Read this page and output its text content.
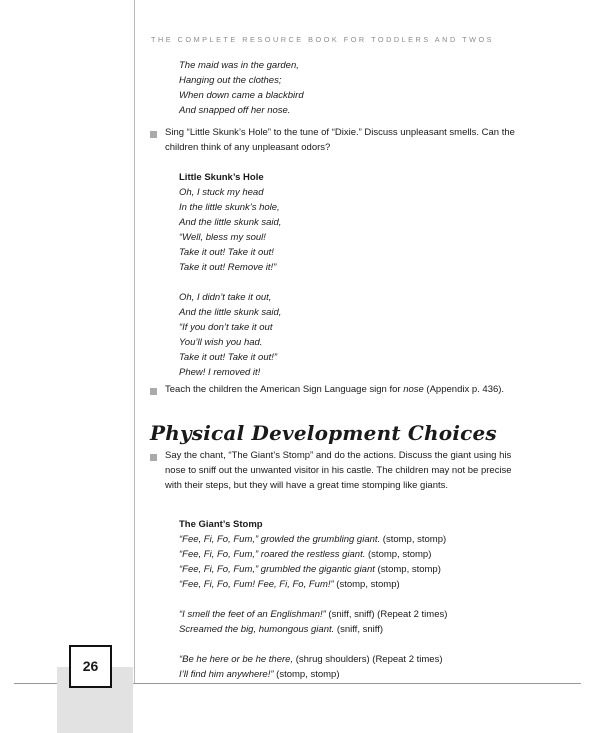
26
THE COMPLETE RESOURCE BOOK FOR TODDLERS AND TWOS
The maid was in the garden,
Hanging out the clothes;
When down came a blackbird
And snapped off her nose.
Sing “Little Skunk’s Hole” to the tune of “Dixie.” Discuss unpleasant smells. Can the children think of any unpleasant odors?
Little Skunk’s Hole
Oh, I stuck my head
In the little skunk’s hole,
And the little skunk said,
“Well, bless my soul!
Take it out! Take it out!
Take it out! Remove it!”
Oh, I didn’t take it out,
And the little skunk said,
“If you don’t take it out
You’ll wish you had.
Take it out! Take it out!”
Phew! I removed it!
Teach the children the American Sign Language sign for nose (Appendix p. 436).
Physical Development Choices
Say the chant, “The Giant’s Stomp” and do the actions. Discuss the giant using his nose to sniff out the unwanted visitor in his castle. The children may not be precise with their steps, but they will have a great time stomping like giants.
The Giant’s Stomp
“Fee, Fi, Fo, Fum,” growled the grumbling giant. (stomp, stomp)
“Fee, Fi, Fo, Fum,” roared the restless giant. (stomp, stomp)
“Fee, Fi, Fo, Fum,” grumbled the gigantic giant (stomp, stomp)
“Fee, Fi, Fo, Fum! Fee, Fi, Fo, Fum!” (stomp, stomp)
“I smell the feet of an Englishman!” (sniff, sniff) (Repeat 2 times)
Screamed the big, humongous giant. (sniff, sniff)
“Be he here or be he there, (shrug shoulders) (Repeat 2 times)
I’ll find him anywhere!” (stomp, stomp)
